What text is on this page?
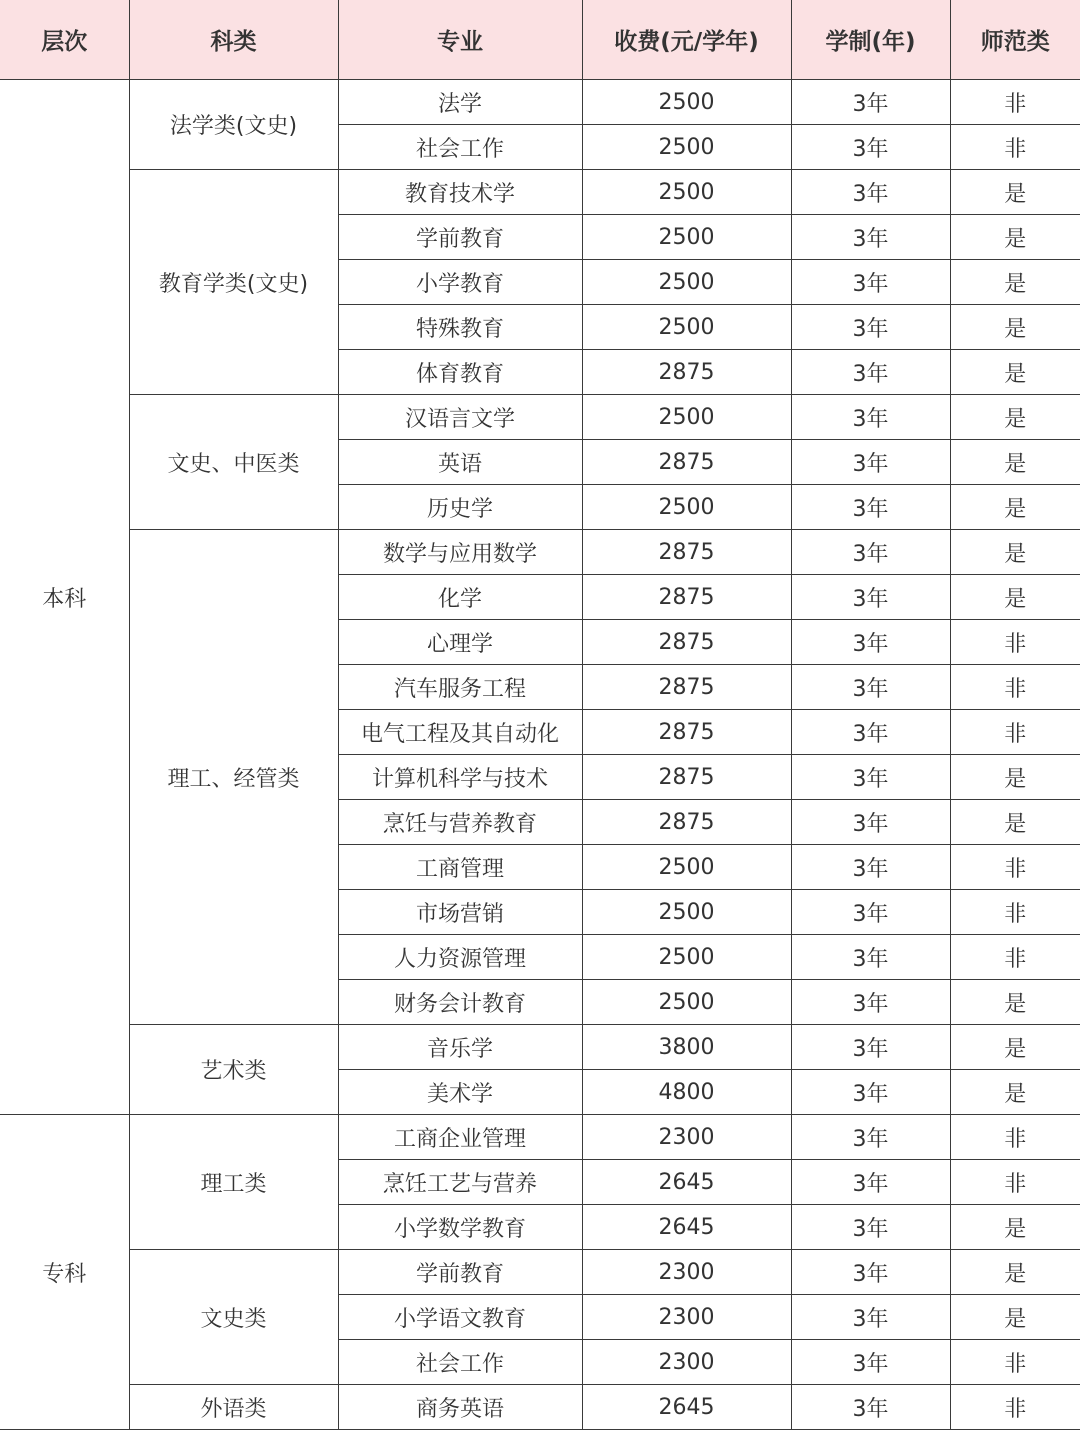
层次	科类	专业	收费(元/学年)	学制(年)	师范类
本科	法学类(文史)	法学	2500	3年	非
		社会工作	2500	3年	非
	教育学类(文史)	教育技术学	2500	3年	是
		学前教育	2500	3年	是
		小学教育	2500	3年	是
		特殊教育	2500	3年	是
		体育教育	2875	3年	是
	文史、中医类	汉语言文学	2500	3年	是
		英语	2875	3年	是
		历史学	2500	3年	是
	理工、经管类	数学与应用数学	2875	3年	是
		化学	2875	3年	是
		心理学	2875	3年	非
		汽车服务工程	2875	3年	非
		电气工程及其自动化	2875	3年	非
		计算机科学与技术	2875	3年	是
		烹饪与营养教育	2875	3年	是
		工商管理	2500	3年	非
		市场营销	2500	3年	非
		人力资源管理	2500	3年	非
		财务会计教育	2500	3年	是
	艺术类	音乐学	3800	3年	是
		美术学	4800	3年	是
专科	理工类	工商企业管理	2300	3年	非
		烹饪工艺与营养	2645	3年	非
		小学数学教育	2645	3年	是
	文史类	学前教育	2300	3年	是
		小学语文教育	2300	3年	是
		社会工作	2300	3年	非
	外语类	商务英语	2645	3年	非
